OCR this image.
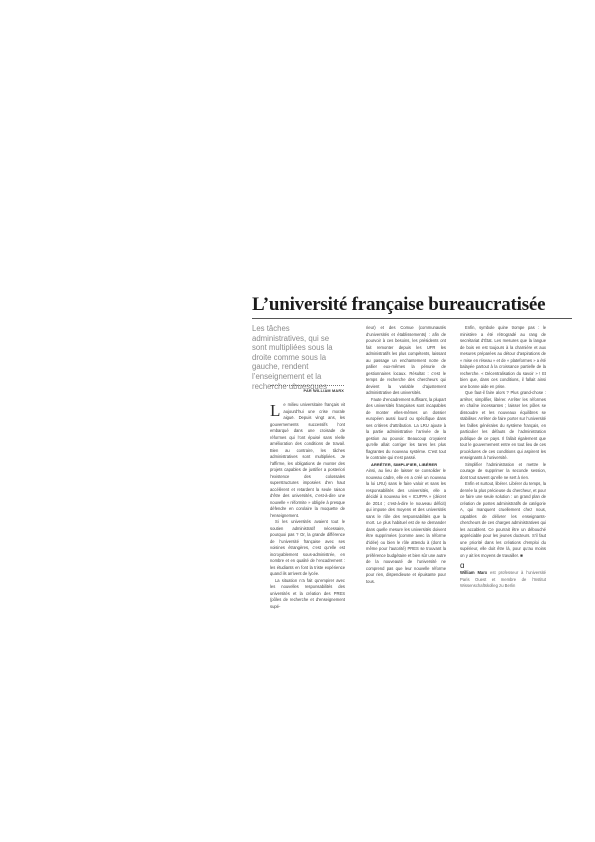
L’université française bureaucratisée

Les tâches administratives, qui se sont multipliées sous la droite comme sous la gauche, rendent l’enseignement et la recherche ubuesques

PAR WILLIAM MARX

Le milieu universitaire français vit aujourd’hui une crise morale aiguë. Depuis vingt ans, les gouvernements successifs l’ont embarqué dans une croisade de réformes qui l’ont épuisé sans réelle amélioration des conditions de travail. Bien au contraire, les tâches administratives sont multipliées. Je l’affirme, les obligations de monter des projets capables de justifier a posteriori l’existence des colossales superstructures imposées d’en haut accélèrent et retardent la seule raison d’être des universités, c’est-à-dire une nouvelle « réformite » obligée à presque défendre en corolaire la moquette de l’enseignement.

Si les universités avaient tout le soutien administratif nécessaire, pourquoi pas ? Or, la grande différence de l’université française avec ses voisines étrangères, c’est qu’elle est incroyablement sous-administrée, en nombre et en qualité de l’encadrement : les étudiants en font la triste expérience quand ils arrivent de lycée.

La situation n’a fait qu’empirer avec les nouvelles responsabilités des universités et la création des PRES (pôles de recherche et d’enseignement supé-

rieur) et des Comue (communautés d’universités et établissements) : afin de pourvoir à ces besoins, les présidents ont fait remonter depuis les UFR les administratifs les plus compétents, laissant au passage un enchantement notre de pallier eux-mêmes la pénurie de gestionnaires locaux. Résultat : c’est le temps de recherche des chercheurs qui devient la variable d’ajustement administrative des universités.

Faute d’encadrement suffisant, la plupart des universités françaises sont incapables de monter elles-mêmes un dossier européen aussi lourd ou spécifique dans ses critères d’attribution. La LRU ajoute à la partie administrative l’arrivée de la gestion au pouvoir. Beaucoup croyaient qu’elle allait corriger les tares les plus flagrantes du nouveau système. C’est tout le contraire qui s’est passé.

ARRÊTER, SIMPLIFIER, LIBÉRER

Ainsi, au lieu de laisser se consolider le nouveau cadre, elle en a créé un nouveau la loi LRU) sans le faire valoir et sans les responsabilités des universités, elle a décidé à nouveau les « ICUFPA » (décret de 2014 ; c’est-à-dire le nouveau déficit) qui impose des moyens et des universités sans le rôle des responsabilités que la mort. Le plus habituel est de se demander dans quelle mesure les universités doivent être supprimées (comme avec la réforme d’idée) ou bien le rôle attendu à (dont la même pour l’autorité) PRES se trouvant la préférence budgétaire et bien sûr une autre de la nouveauté de l’université ne comprend pas que leur nouvelle réforme pour rien, dispendieuse et épuisante pour tous.

Enfin, symbole quine trompe pas : le ministère a été rétrogradé au rang de secrétariat d’État. Les mesures que la langue de bois en est toujours à la charnière et aux mesures préparées au détour d’aspirations de « mise en réseau » et de « plateformes » a été balayée partout à la croissance partielle de la recherche. « Décentralisation du savoir » ! Et bien que, dans ces conditions, il fallait ainsi une bonne aide en prise.

Que faut-il faire alors ? Plus grand-chose : arrêter, simplifier, libérer. Arrêter les réformes en chaîne incessantes ; laisser les pôles se dissoudre et les nouveaux équilibres se stabiliser. Arrêter de faire porter sur l’université les failles générales du système français, en particulier les défauts de l’administration publique de ce pays. Il fallait également que tout le gouvernement entre en tout lieu de ces procédures de ces conditions qui aspirent les enseignants à l’université.

Simplifier l’administration et mettre le courage de supprimer la seconde session, dont tout savent qu’elle ne sert à rien.

Enfin et surtout, libérer. Libérer du temps, la denrée la plus précieuse du chercheur, et pour ce faire une seule solution : un grand plan de création de postes administratifs de catégorie A, qui manquent cruellement chez nous, capables de délivrer les enseignants-chercheurs de ces charges administratives qui les accablent. Ce pourrait être un débouché appréciable pour les jeunes docteurs. S’il faut une priorité dans les créations d’emploi du supérieur, elle doit être là, pour qu’au moins on y ait les moyens de travailler. ■

ɑ
William Marx est professeur à l’université Paris Ouest et membre de l’Institut Wissenschaftskolleg zu Berlin
